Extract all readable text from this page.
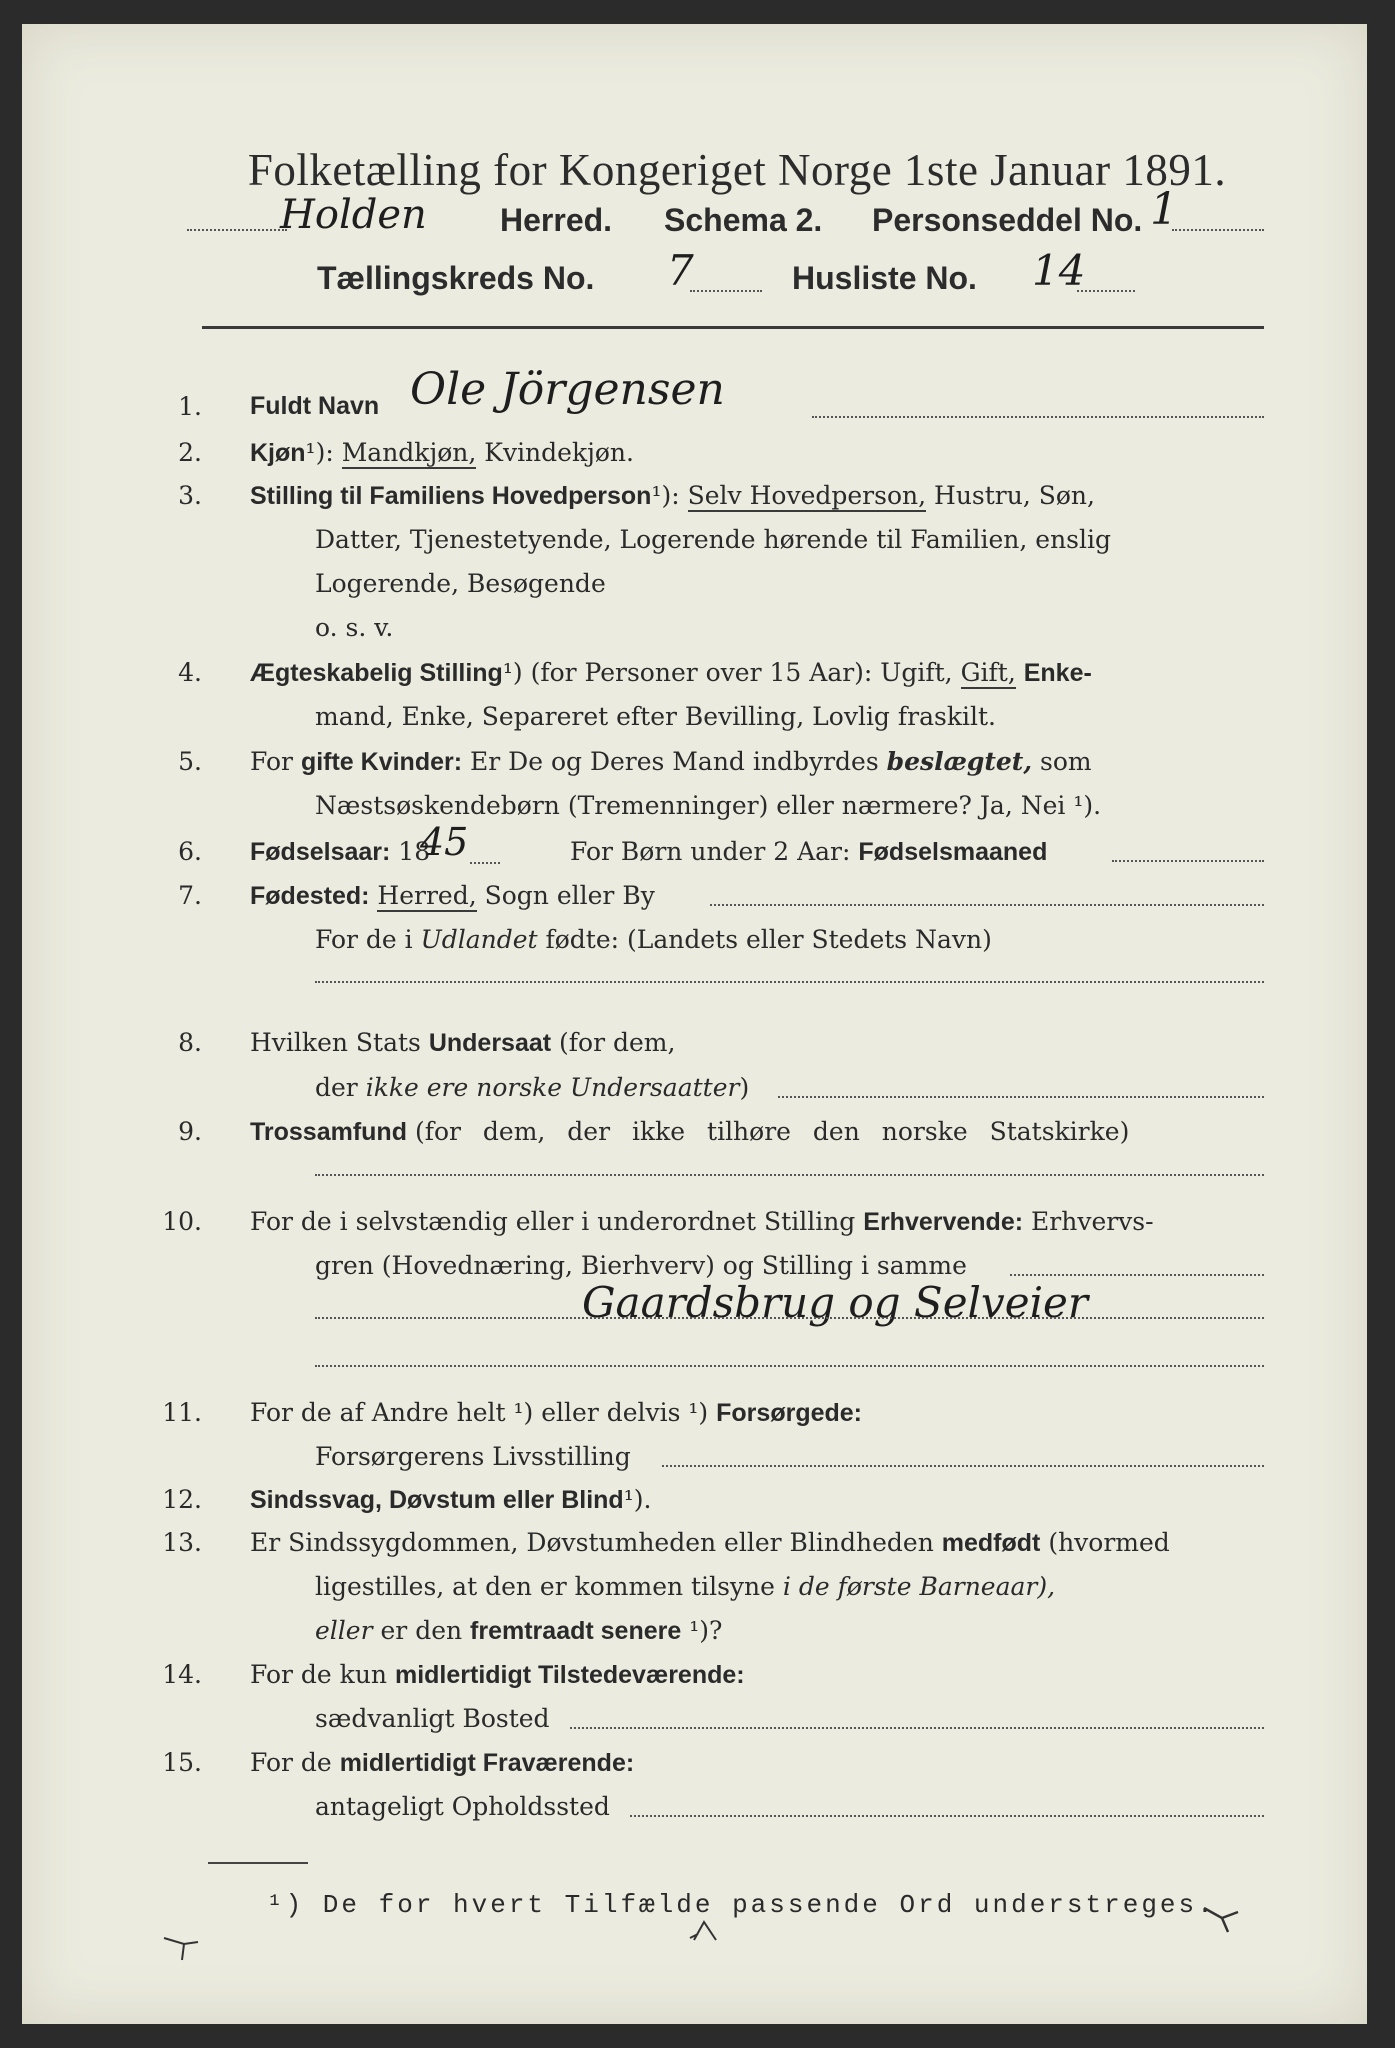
Folketælling for Kongeriget Norge 1ste Januar 1891.
Holden Herred. Schema 2. Personseddel No. 1
Tællingskreds No. 7	Husliste No. 14
1. Fuldt Navn Ole Jörgensen
2. Kjøn¹): Mandkjøn, Kvindekjøn.
3. Stilling til Familiens Hovedperson¹): Selv Hovedperson, Hustru, Søn,
Datter, Tjenestetyende, Logerende hørende til Familien, enslig
Logerende, Besøgende
o. s. v.
4. Ægteskabelig Stilling¹) (for Personer over 15 Aar): Ugift, Gift, Enke-
mand, Enke, Separeret efter Bevilling, Lovlig fraskilt.
5. For gifte Kvinder: Er De og Deres Mand indbyrdes beslægtet, som
Næstsøskendebørn (Tremenninger) eller nærmere? Ja, Nei ¹).
6. Fødselsaar: 18
45	For Børn under 2 Aar: Fødselsmaaned
7. Fødested: Herred, Sogn eller By
For de i Udlandet fødte: (Landets eller Stedets Navn)
8. Hvilken Stats Undersaat (for dem,
der ikke ere norske Undersaatter)
9. Trossamfund (for dem, der ikke tilhøre den norske Statskirke)
10. For de i selvstændig eller i underordnet Stilling Erhvervende: Erhvervs-
gren (Hovednæring, Bierhverv) og Stilling i samme
Gaardsbrug og Selveier
11. For de af Andre helt ¹) eller delvis ¹) Forsørgede:
Forsørgerens Livsstilling
12. Sindssvag, Døvstum eller Blind¹).
13. Er Sindssygdommen, Døvstumheden eller Blindheden medfødt (hvormed
ligestilles, at den er kommen tilsyne i de første Barneaar),
eller er den fremtraadt senere ¹)?
14. For de kun midlertidigt Tilstedeværende:
sædvanligt Bosted
15. For de midlertidigt Fraværende:
antageligt Opholdssted
¹) De for hvert Tilfælde passende Ord understreges.
